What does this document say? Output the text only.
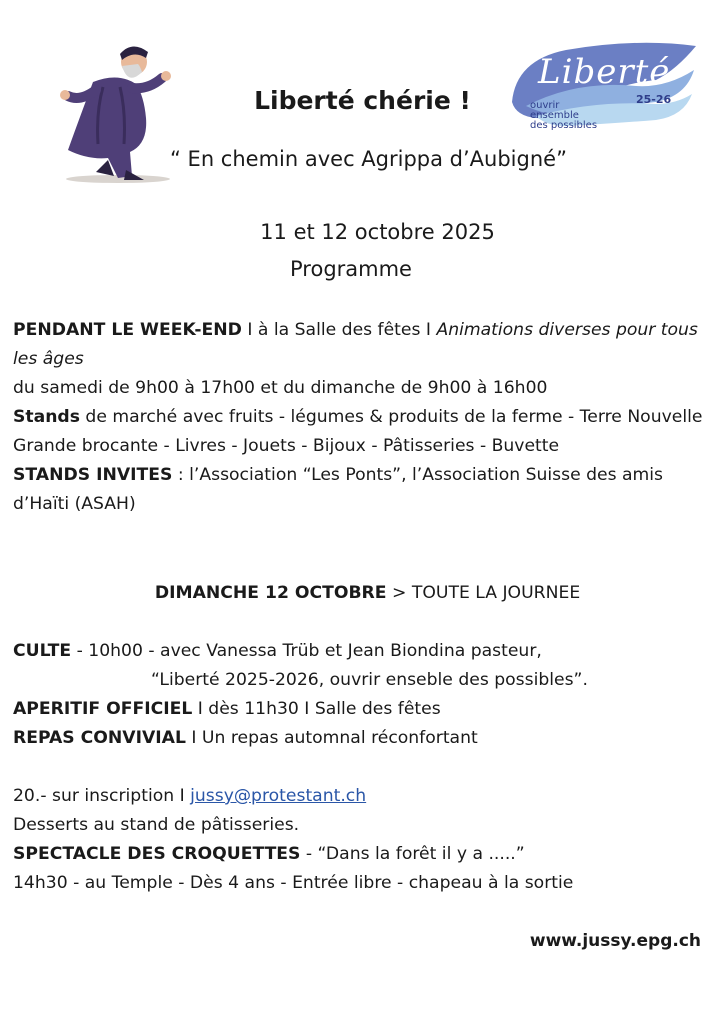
Liberté
25-26
ouvrir
ensemble
des possibles
Liberté chérie !
“ En chemin avec Agrippa d’Aubigné”
11 et 12 octobre 2025
Programme
PENDANT LE WEEK-END I à la Salle des fêtes I Animations diverses pour tous les âges
du samedi de 9h00 à 17h00 et du dimanche de 9h00 à 16h00
Stands de marché avec fruits - légumes & produits de la ferme - Terre Nouvelle
Grande brocante - Livres - Jouets - Bijoux - Pâtisseries - Buvette
STANDS INVITES : l’Association “Les Ponts”, l’Association Suisse des amis d’Haïti (ASAH)
DIMANCHE 12 OCTOBRE > TOUTE LA JOURNEE
CULTE - 10h00 - avec Vanessa Trüb et Jean Biondina pasteur,
“Liberté 2025-2026, ouvrir enseble des possibles”.
APERITIF OFFICIEL I dès 11h30 I Salle des fêtes
REPAS CONVIVIAL I Un repas automnal réconfortant
20.- sur inscription I jussy@protestant.ch
Desserts au stand de pâtisseries.
SPECTACLE DES CROQUETTES - “Dans la forêt il y a .....”
14h30 - au Temple - Dès 4 ans - Entrée libre - chapeau à la sortie
www.jussy.epg.ch
